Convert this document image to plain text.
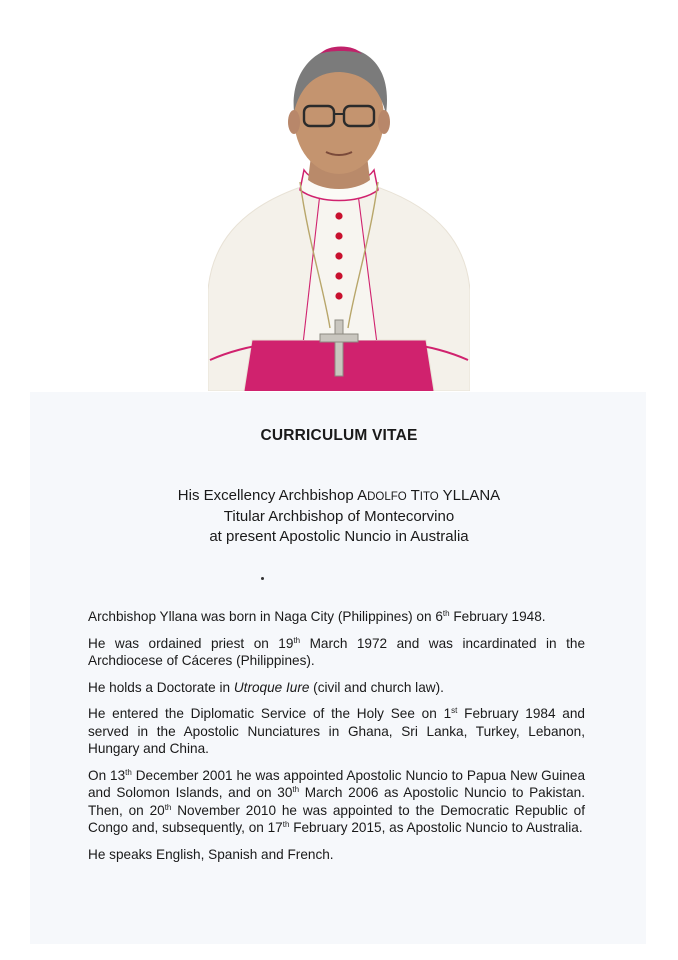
CURRICULUM VITAE
His Excellency Archbishop ADOLFO TITO YLLANA
Titular Archbishop of Montecorvino
at present Apostolic Nuncio in Australia

Archbishop Yllana was born in Naga City (Philippines) on 6th February 1948.

He was ordained priest on 19th March 1972 and was incardinated in the Archdiocese of Cáceres (Philippines).

He holds a Doctorate in Utroque Iure (civil and church law).

He entered the Diplomatic Service of the Holy See on 1st February 1984 and served in the Apostolic Nunciatures in Ghana, Sri Lanka, Turkey, Lebanon, Hungary and China.

On 13th December 2001 he was appointed Apostolic Nuncio to Papua New Guinea and Solomon Islands, and on 30th March 2006 as Apostolic Nuncio to Pakistan. Then, on 20th November 2010 he was appointed to the Democratic Republic of Congo and, subsequently, on 17th February 2015, as Apostolic Nuncio to Australia.

He speaks English, Spanish and French.
